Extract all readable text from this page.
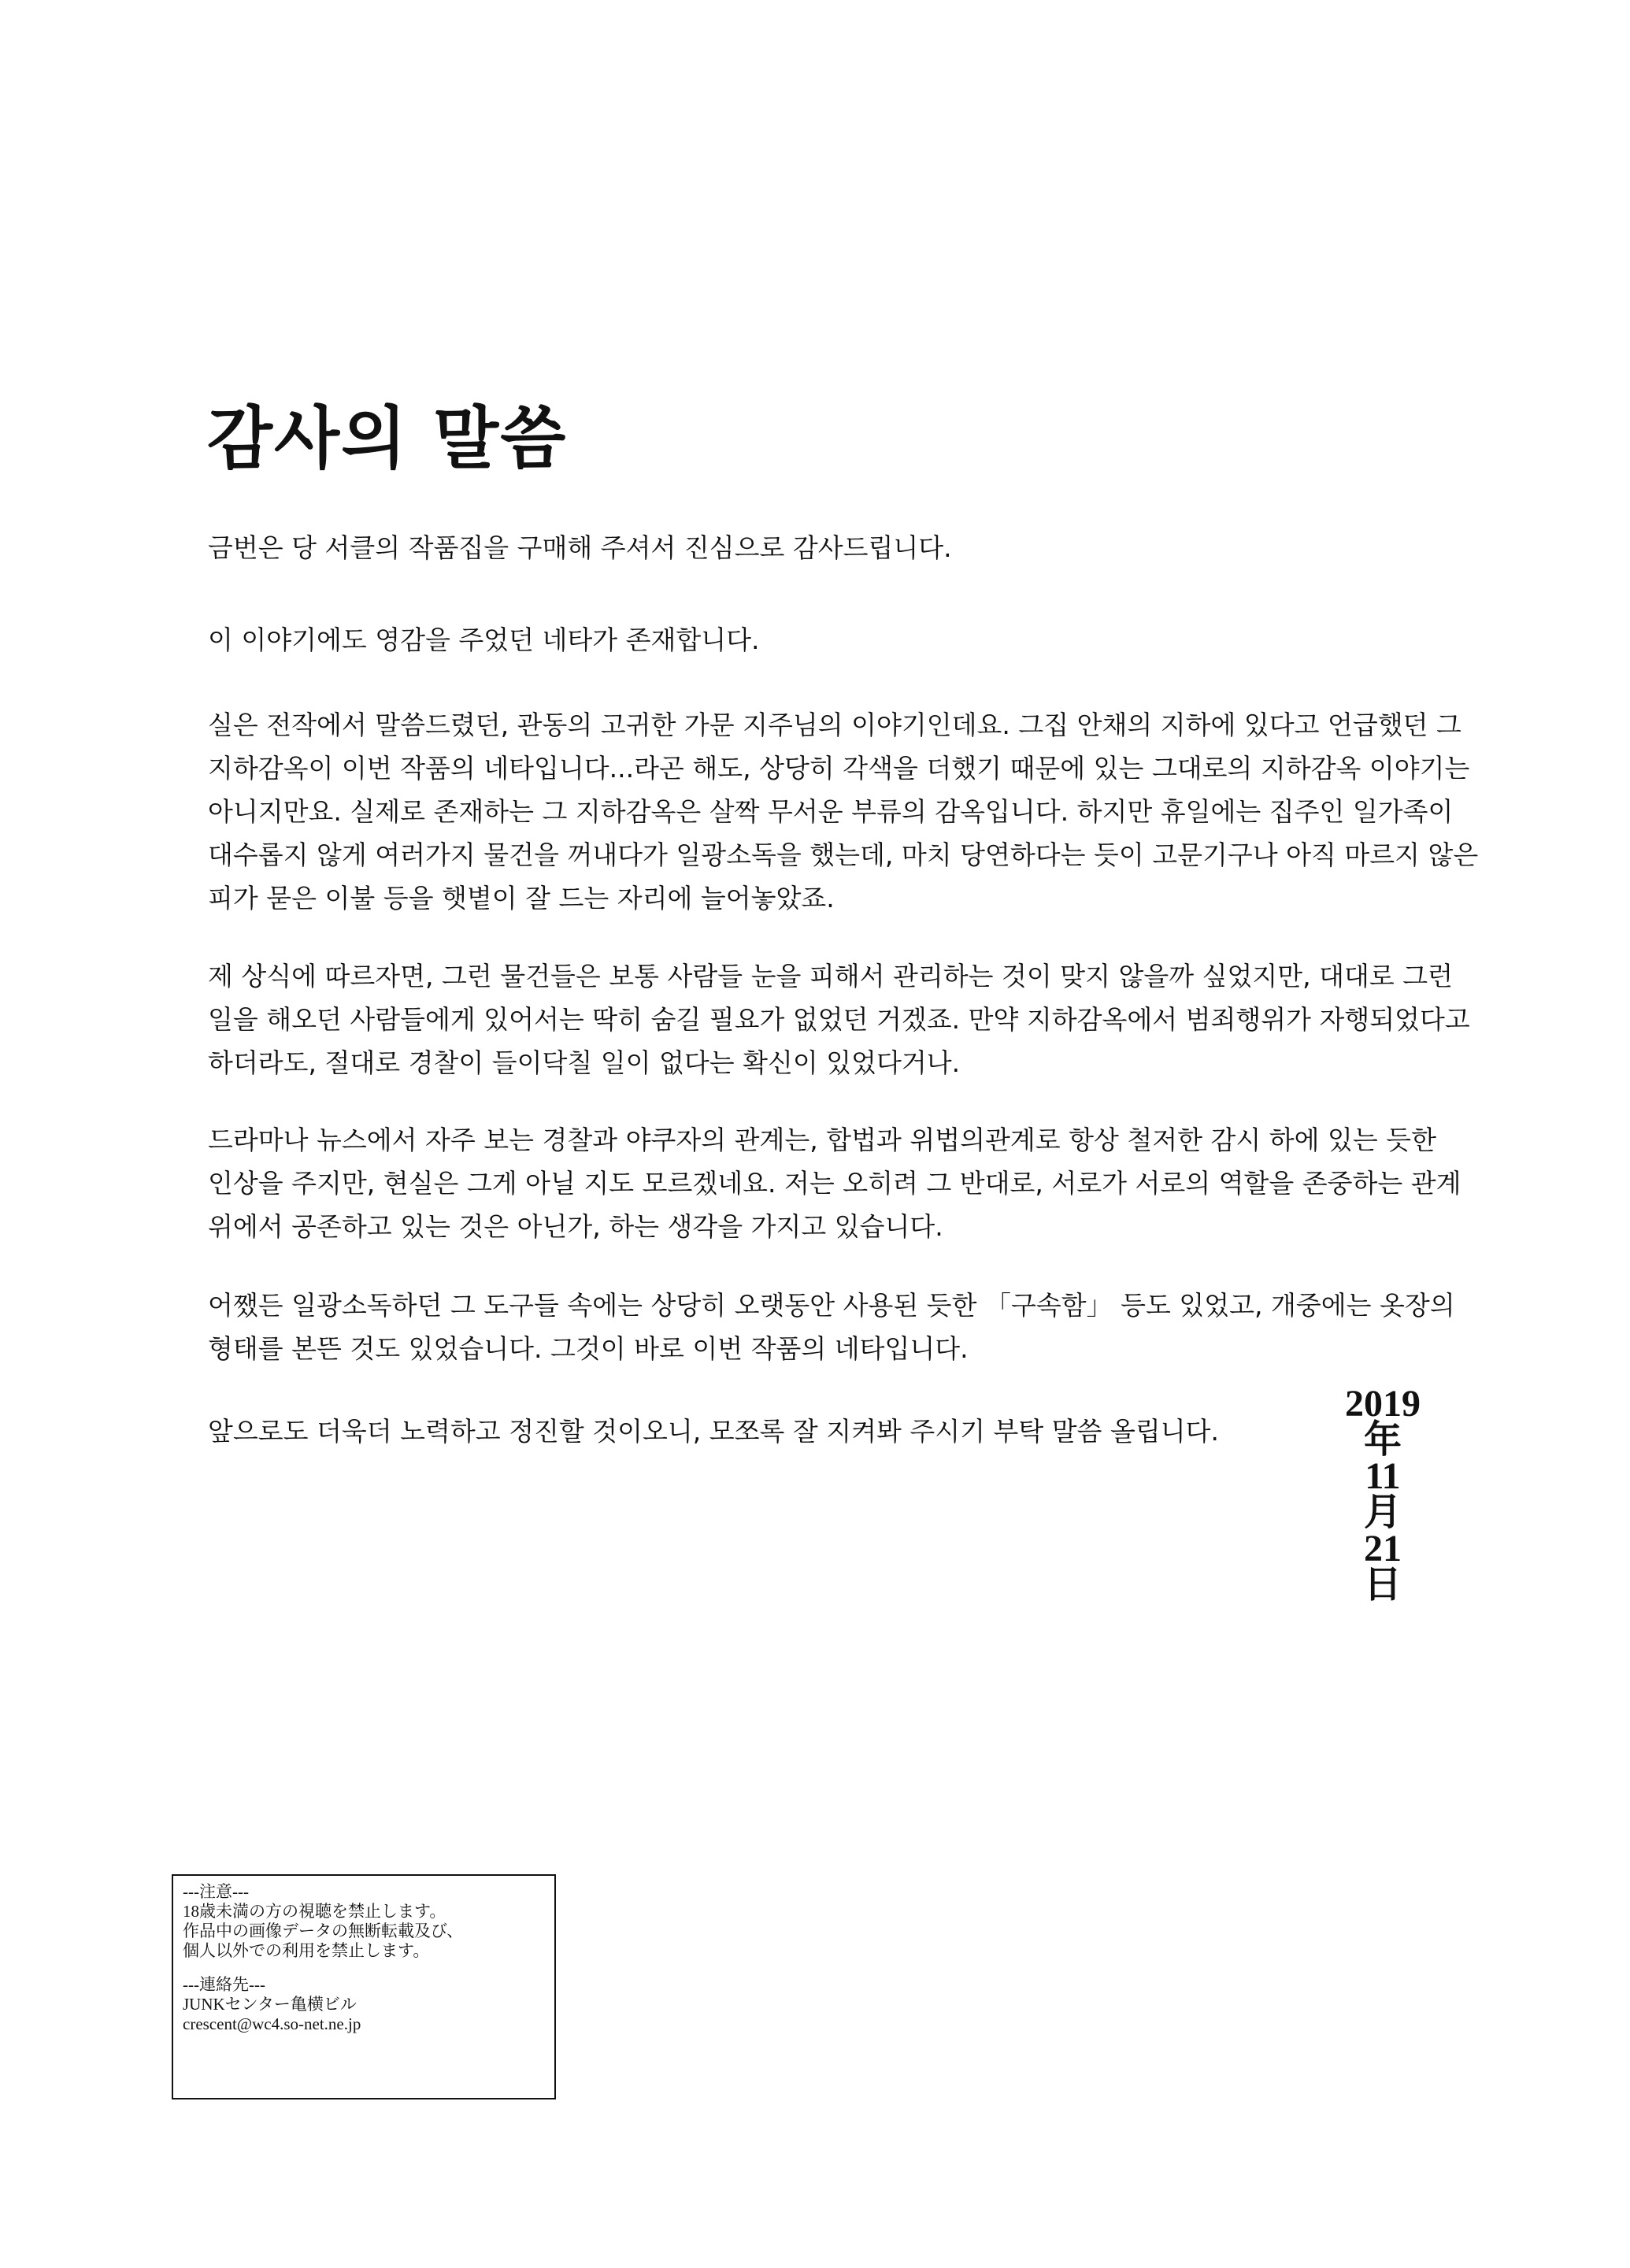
감사의 말씀
금번은 당 서클의 작품집을 구매해 주셔서 진심으로 감사드립니다.
이 이야기에도 영감을 주었던 네타가 존재합니다.
실은 전작에서 말씀드렸던, 관동의 고귀한 가문 지주님의 이야기인데요. 그집 안채의 지하에 있다고 언급했던 그
지하감옥이 이번 작품의 네타입니다...라곤 해도, 상당히 각색을 더했기 때문에 있는 그대로의 지하감옥 이야기는
아니지만요. 실제로 존재하는 그 지하감옥은 살짝 무서운 부류의 감옥입니다. 하지만 휴일에는 집주인 일가족이
대수롭지 않게 여러가지 물건을 꺼내다가 일광소독을 했는데, 마치 당연하다는 듯이 고문기구나 아직 마르지 않은
피가 묻은 이불 등을 햇볕이 잘 드는 자리에 늘어놓았죠.
제 상식에 따르자면, 그런 물건들은 보통 사람들 눈을 피해서 관리하는 것이 맞지 않을까 싶었지만, 대대로 그런
일을 해오던 사람들에게 있어서는 딱히 숨길 필요가 없었던 거겠죠. 만약 지하감옥에서 범죄행위가 자행되었다고
하더라도, 절대로 경찰이 들이닥칠 일이 없다는 확신이 있었다거나.
드라마나 뉴스에서 자주 보는 경찰과 야쿠자의 관계는, 합법과 위법의관계로 항상 철저한 감시 하에 있는 듯한
인상을 주지만, 현실은 그게 아닐 지도 모르겠네요. 저는 오히려 그 반대로, 서로가 서로의 역할을 존중하는 관계
위에서 공존하고 있는 것은 아닌가, 하는 생각을 가지고 있습니다.
어쨌든 일광소독하던 그 도구들 속에는 상당히 오랫동안 사용된 듯한 「구속함」 등도 있었고, 개중에는 옷장의
형태를 본뜬 것도 있었습니다. 그것이 바로 이번 작품의 네타입니다.
앞으로도 더욱더 노력하고 정진할 것이오니, 모쪼록 잘 지켜봐 주시기 부탁 말씀 올립니다.
2019
年
11
月
21
日
---注意---
18歳未満の方の視聴を禁止します。
作品中の画像データの無断転載及び、
個人以外での利用を禁止します。
---連絡先---
JUNKセンター亀横ビル
crescent@wc4.so-net.ne.jp
